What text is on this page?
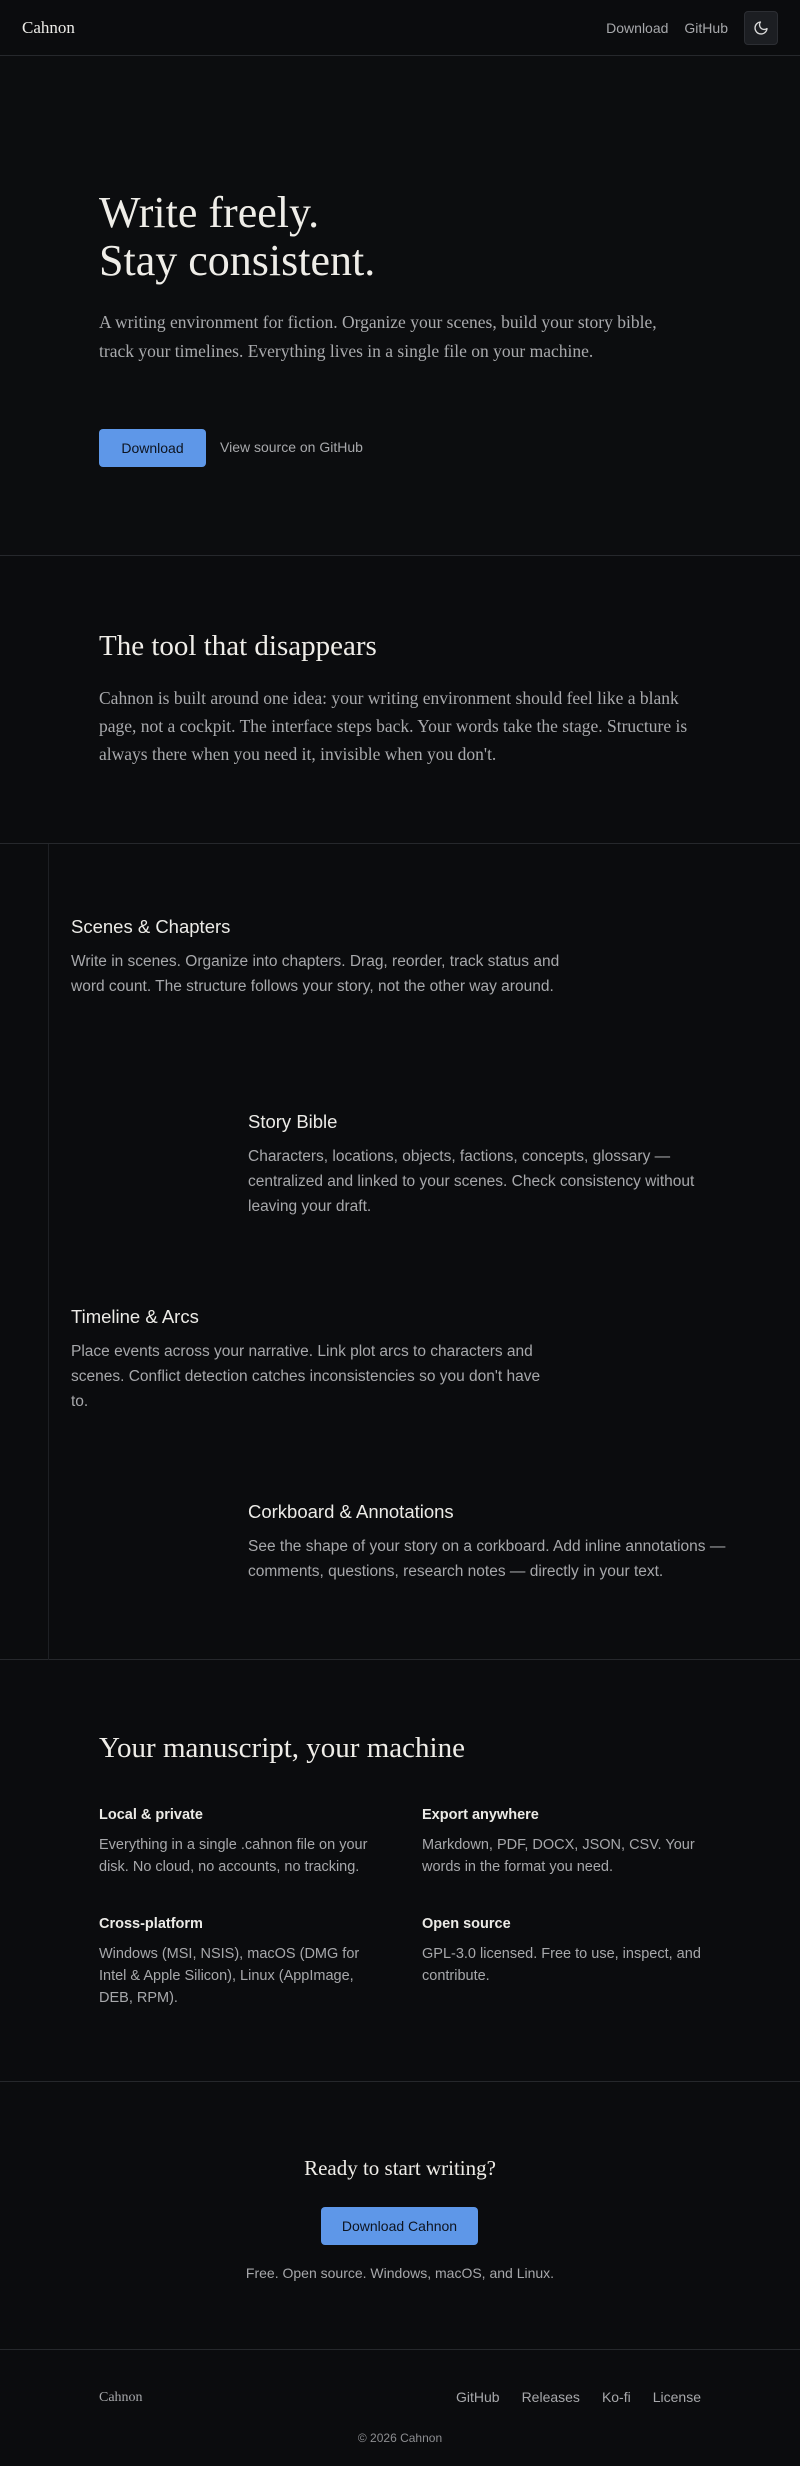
Cahnon	Download GitHub
Write freely.
Stay consistent.

A writing environment for fiction. Organize your scenes, build your story bible, track your timelines. Everything lives in a single file on your machine.

Download	View source on GitHub
The tool that disappears

Cahnon is built around one idea: your writing environment should feel like a blank page, not a cockpit. The interface steps back. Your words take the stage. Structure is always there when you need it, invisible when you don't.

Scenes & Chapters
Write in scenes. Organize into chapters. Drag, reorder, track status and word count. The structure follows your story, not the other way around.
Story Bible
Characters, locations, objects, factions, concepts, glossary — centralized and linked to your scenes. Check consistency without leaving your draft.
Timeline & Arcs
Place events across your narrative. Link plot arcs to characters and scenes. Conflict detection catches inconsistencies so you don't have to.
Corkboard & Annotations
See the shape of your story on a corkboard. Add inline annotations — comments, questions, research notes — directly in your text.
Your manuscript, your machine
Local & private
Everything in a single .cahnon file on your disk. No cloud, no accounts, no tracking.
Export anywhere
Markdown, PDF, DOCX, JSON, CSV. Your words in the format you need.
Cross-platform
Windows (MSI, NSIS), macOS (DMG for Intel & Apple Silicon), Linux (AppImage, DEB, RPM).
Open source
GPL-3.0 licensed. Free to use, inspect, and contribute.
Ready to start writing?
Download Cahnon

Free. Open source. Windows, macOS, and Linux.

Cahnon	GitHub Releases Ko-fi License
© 2026 Cahnon
